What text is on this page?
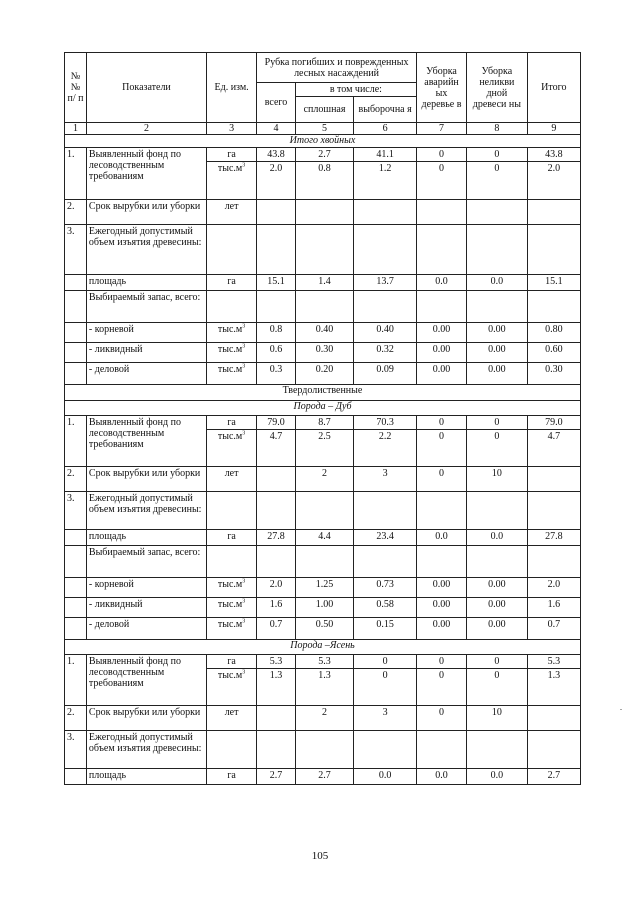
№ № п/ п	Показатели	Ед. изм.	Рубка погибших и поврежденных лесных насаждений			Уборка аварийн ых деревье в	Уборка неликви дной древеси ны	Итого
			всего	в том числе:				
				сплошная	выборочна я			
1	2	3	4	5	6	7	8	9
Итого хвойных								
1.	Выявленный фонд по лесоводственным требованиям	га	43.8	2.7	41.1	0	0	43.8
		$тыс.м^3$	2.0	0.8	1.2	0	0	2.0
2.	Срок вырубки или уборки	лет						
3.	Ежегодный допустимый объем изъятия древесины:							
	площадь	га	15.1	1.4	13.7	0.0	0.0	15.1
	Выбираемый запас, всего:							
	- корневой	$тыс.м^3$	0.8	0.40	0.40	0.00	0.00	0.80
	- ликвидный	$тыс.м^3$	0.6	0.30	0.32	0.00	0.00	0.60
	- деловой	$тыс.м^3$	0.3	0.20	0.09	0.00	0.00	0.30
Твердолиственные								
Порода – Дуб								
1.	Выявленный фонд по лесоводственным требованиям	га	79.0	8.7	70.3	0	0	79.0
		$тыс.м^3$	4.7	2.5	2.2	0	0	4.7
2.	Срок вырубки или уборки	лет		2	3	0	10	
3.	Ежегодный допустимый объем изъятия древесины:							
	площадь	га	27.8	4.4	23.4	0.0	0.0	27.8
	Выбираемый запас, всего:							
	- корневой	$тыс.м^3$	2.0	1.25	0.73	0.00	0.00	2.0
	- ликвидный	$тыс.м^3$	1.6	1.00	0.58	0.00	0.00	1.6
	- деловой	$тыс.м^3$	0.7	0.50	0.15	0.00	0.00	0.7
Порода –Ясень								
1.	Выявленный фонд по лесоводственным требованиям	га	5.3	5.3	0	0	0	5.3
		$тыс.м^3$	1.3	1.3	0	0	0	1.3
2.	Срок вырубки или уборки	лет		2	3	0	10	
3.	Ежегодный допустимый объем изъятия древесины:							
	площадь	га	2.7	2.7	0.0	0.0	0.0	2.7
.
105
